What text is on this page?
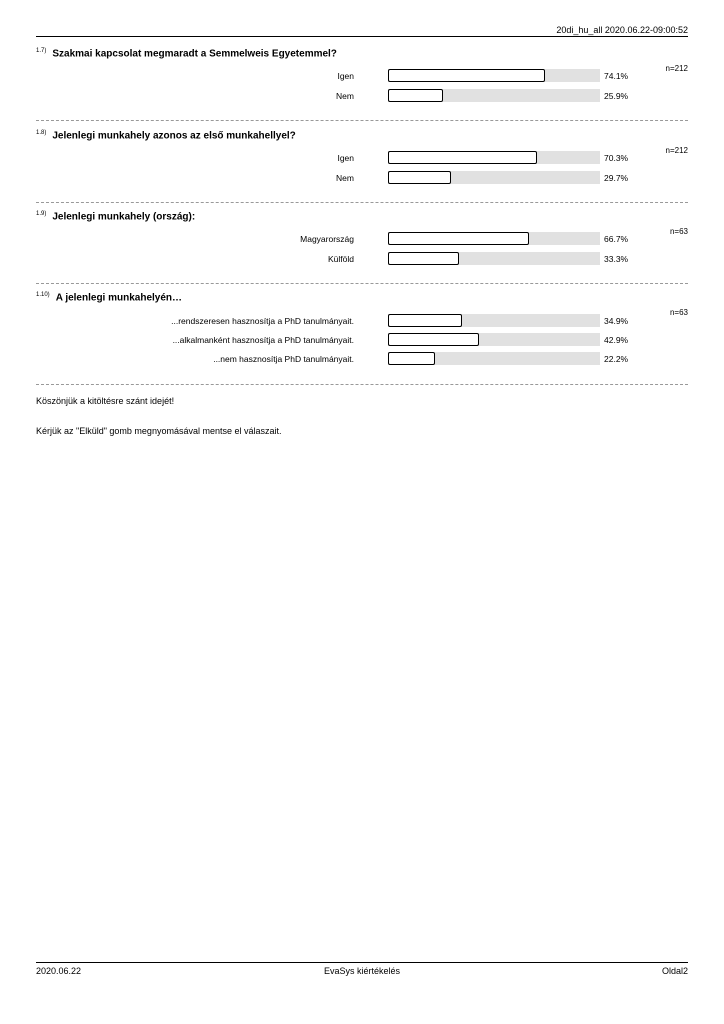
20di_hu_all 2020.06.22-09:00:52
$^{1.7)}$ Szakmai kapcsolat megmaradt a Semmelweis Egyetemmel?
n=212
Igen	74.1%
Nem	25.9%
$^{1.8)}$ Jelenlegi munkahely azonos az első munkahellyel?
n=212
Igen	70.3%
Nem	29.7%
$^{1.9)}$ Jelenlegi munkahely (ország):
n=63
Magyarország	66.7%
Külföld	33.3%
$^{1.10)}$ A jelenlegi munkahelyén…
n=63
...rendszeresen hasznosítja a PhD tanulmányait.	34.9%
...alkalmanként hasznosítja a PhD tanulmányait.	42.9%
...nem hasznosítja PhD tanulmányait.	22.2%
Köszönjük a kitöltésre szánt idejét!
Kérjük az "Elküld" gomb megnyomásával mentse el válaszait.
2020.06.22	EvaSys kiértékelés	Oldal2
